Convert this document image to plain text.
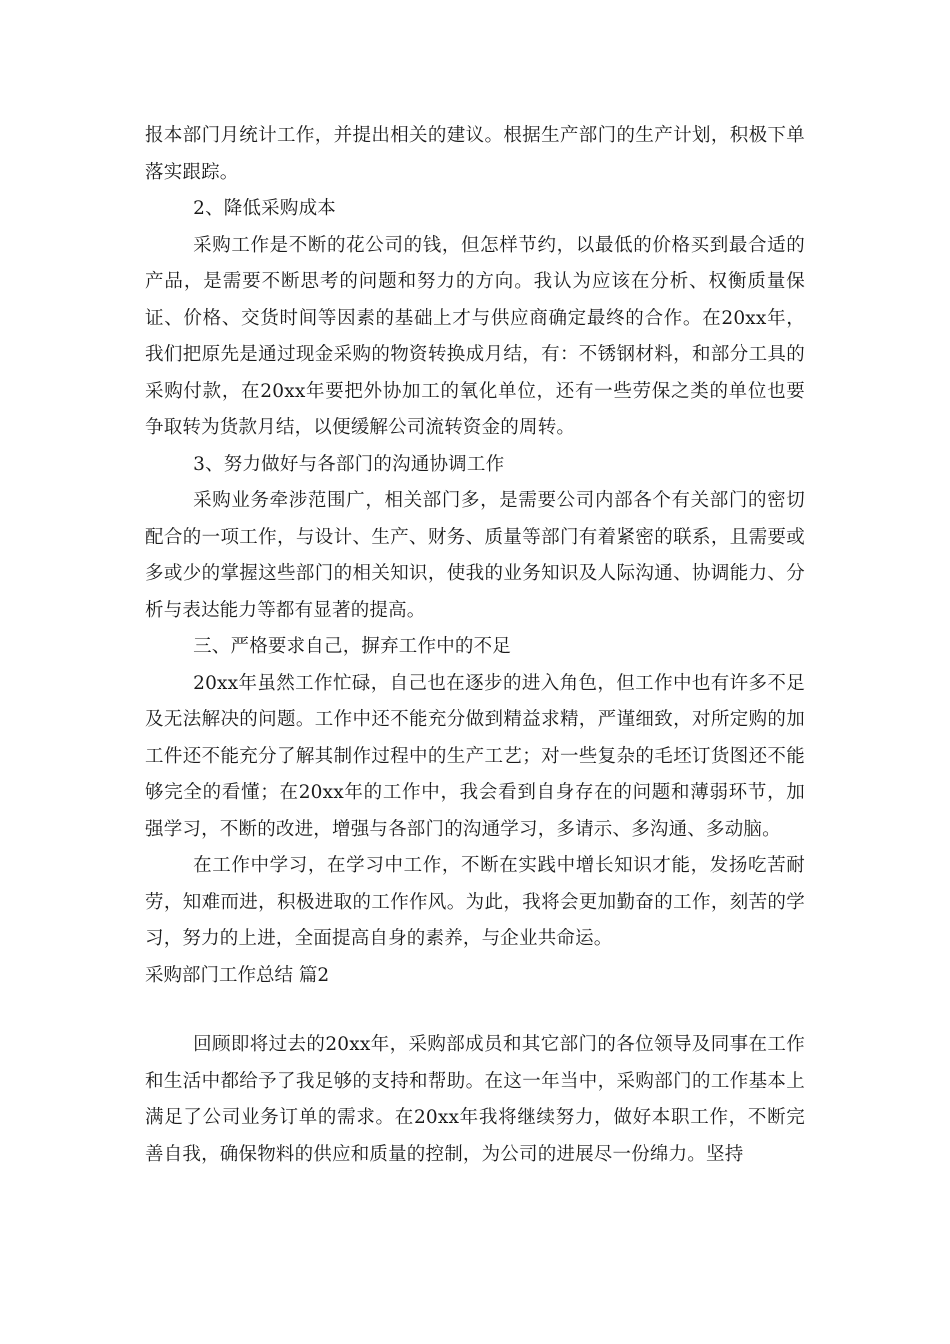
报本部门月统计工作，并提出相关的建议。根据生产部门的生产计划，积极下单落实跟踪。

2、降低采购成本

采购工作是不断的花公司的钱，但怎样节约，以最低的价格买到最合适的产品，是需要不断思考的问题和努力的方向。我认为应该在分析、权衡质量保证、价格、交货时间等因素的基础上才与供应商确定最终的合作。在20xx年，我们把原先是通过现金采购的物资转换成月结，有：不锈钢材料，和部分工具的采购付款，在20xx年要把外协加工的氧化单位，还有一些劳保之类的单位也要争取转为货款月结，以便缓解公司流转资金的周转。

3、努力做好与各部门的沟通协调工作

采购业务牵涉范围广，相关部门多，是需要公司内部各个有关部门的密切配合的一项工作，与设计、生产、财务、质量等部门有着紧密的联系，且需要或多或少的掌握这些部门的相关知识，使我的业务知识及人际沟通、协调能力、分析与表达能力等都有显著的提高。

三、严格要求自己，摒弃工作中的不足

20xx年虽然工作忙碌，自己也在逐步的进入角色，但工作中也有许多不足及无法解决的问题。工作中还不能充分做到精益求精，严谨细致，对所定购的加工件还不能充分了解其制作过程中的生产工艺；对一些复杂的毛坯订货图还不能够完全的看懂；在20xx年的工作中，我会看到自身存在的问题和薄弱环节，加强学习，不断的改进，增强与各部门的沟通学习，多请示、多沟通、多动脑。

在工作中学习，在学习中工作，不断在实践中增长知识才能，发扬吃苦耐劳，知难而进，积极进取的工作作风。为此，我将会更加勤奋的工作，刻苦的学习，努力的上进，全面提高自身的素养，与企业共命运。

采购部门工作总结 篇2

回顾即将过去的20xx年，采购部成员和其它部门的各位领导及同事在工作和生活中都给予了我足够的支持和帮助。在这一年当中，采购部门的工作基本上满足了公司业务订单的需求。在20xx年我将继续努力，做好本职工作，不断完善自我，确保物料的供应和质量的控制，为公司的进展尽一份绵力。坚持
